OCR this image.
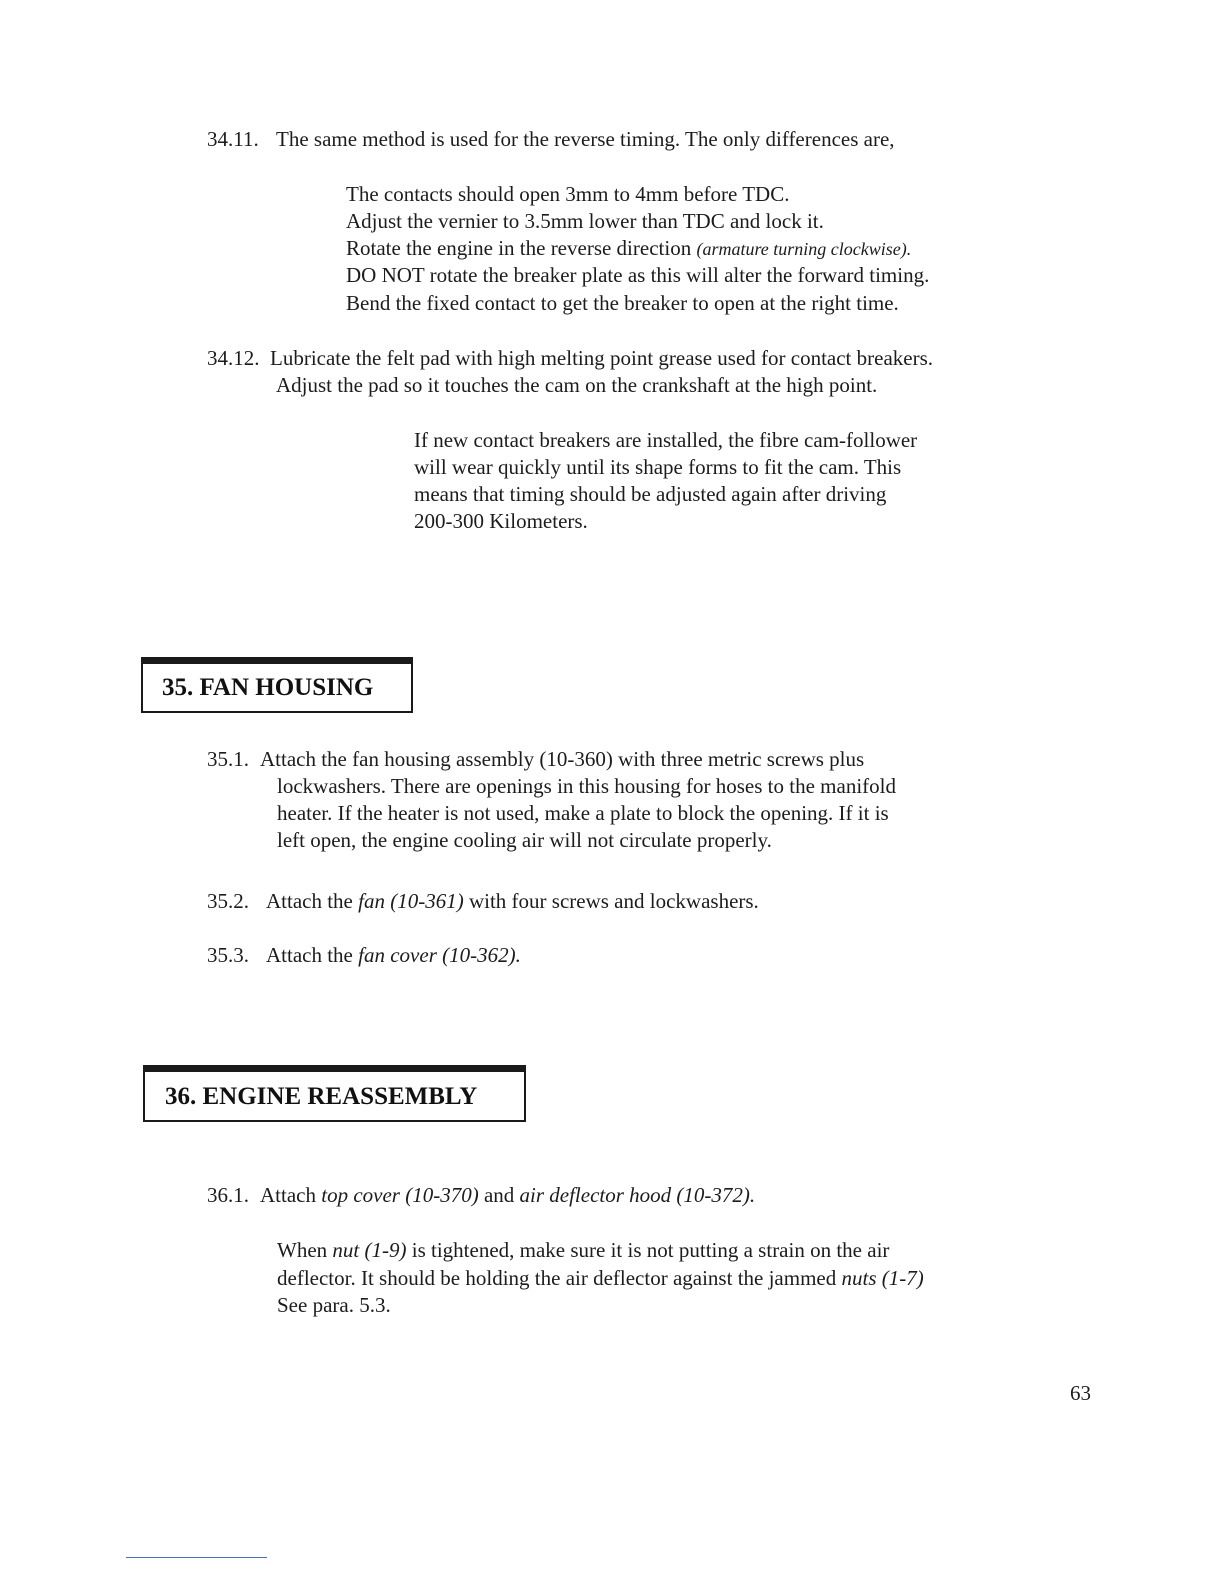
34.11. The same method is used for the reverse timing. The only differences are,
The contacts should open 3mm to 4mm before TDC.
Adjust the vernier to 3.5mm lower than TDC and lock it.
Rotate the engine in the reverse direction (armature turning clockwise).
DO NOT rotate the breaker plate as this will alter the forward timing.
Bend the fixed contact to get the breaker to open at the right time.
34.12. Lubricate the felt pad with high melting point grease used for contact breakers.
Adjust the pad so it touches the cam on the crankshaft at the high point.
If new contact breakers are installed, the fibre cam-follower
will wear quickly until its shape forms to fit the cam. This
means that timing should be adjusted again after driving
200-300 Kilometers.
35. FAN HOUSING
35.1. Attach the fan housing assembly (10-360) with three metric screws plus
lockwashers. There are openings in this housing for hoses to the manifold
heater. If the heater is not used, make a plate to block the opening. If it is
left open, the engine cooling air will not circulate properly.
35.2. Attach the fan (10-361) with four screws and lockwashers.
35.3. Attach the fan cover (10-362).
36. ENGINE REASSEMBLY
36.1. Attach top cover (10-370) and air deflector hood (10-372).
When nut (1-9) is tightened, make sure it is not putting a strain on the air
deflector. It should be holding the air deflector against the jammed nuts (1-7)
See para. 5.3.
63
